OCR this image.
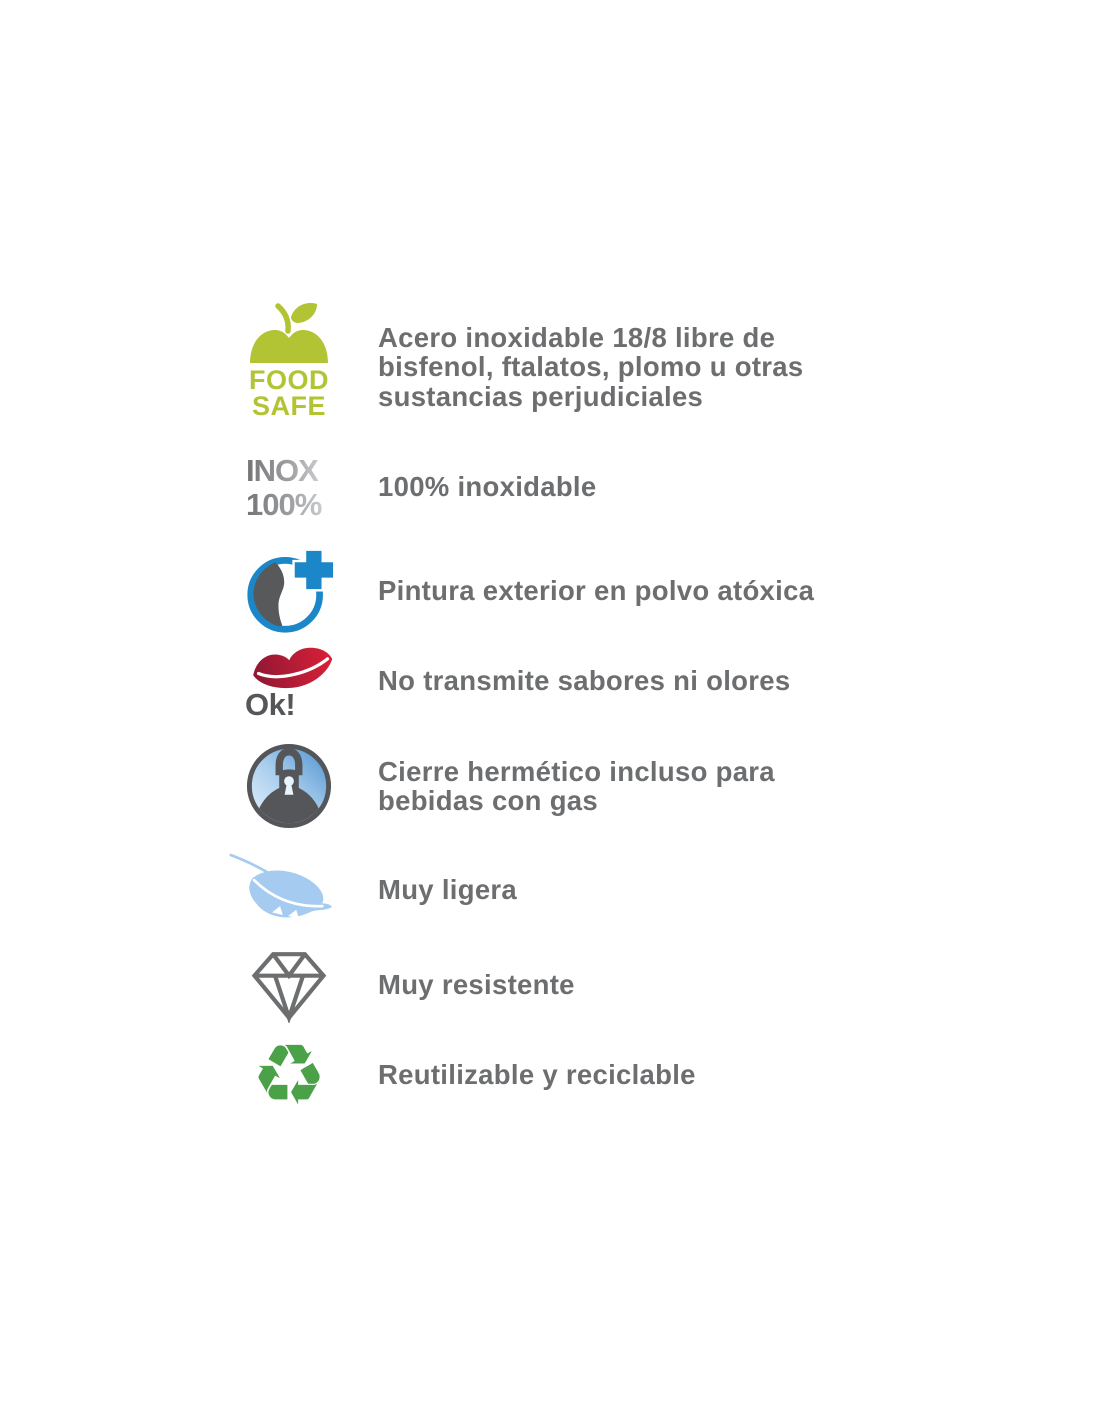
FOOD
SAFE
Acero inoxidable 18/8 libre de
bisfenol, ftalatos, plomo u otras
sustancias perjudiciales
INOX
100%
100% inoxidable
Pintura exterior en polvo atóxica
Ok!
No transmite sabores ni olores
Cierre hermético incluso para
bebidas con gas
Muy ligera
Muy resistente
♻ Reutilizable y reciclable
